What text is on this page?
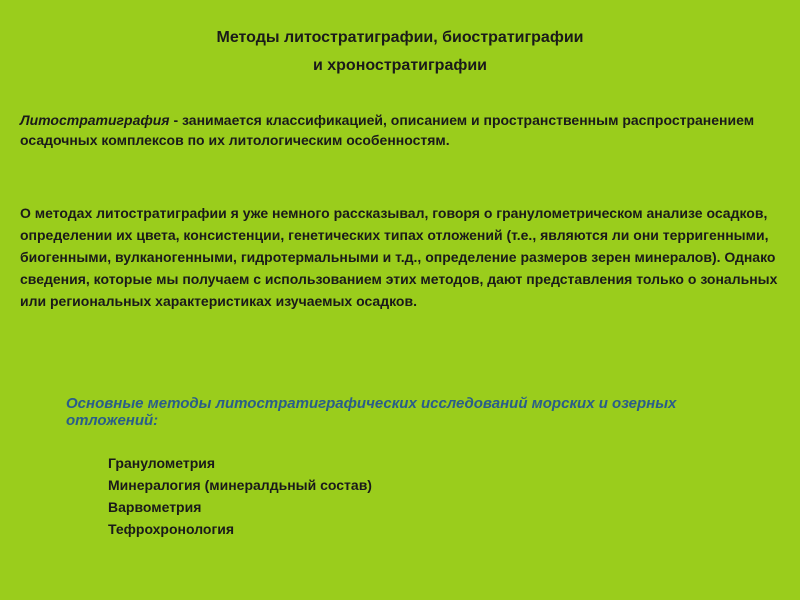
Методы литостратиграфии, биостратиграфии
и хроностратиграфии
Литостратиграфия - занимается классификацией, описанием и пространственным распространением осадочных комплексов по их литологическим особенностям.
О методах литостратиграфии я уже немного рассказывал, говоря о гранулометрическом анализе осадков, определении их цвета, консистенции, генетических типах отложений (т.е., являются ли они терригенными, биогенными, вулканогенными, гидротермальными и т.д., определение размеров зерен минералов). Однако сведения, которые мы получаем с использованием этих методов, дают представления только о зональных или региональных характеристиках изучаемых осадков.
Основные методы литостратиграфических исследований морских и озерных отложений:
Гранулометрия
Минералогия (минералдьный состав)
Варвометрия
Тефрохронология
